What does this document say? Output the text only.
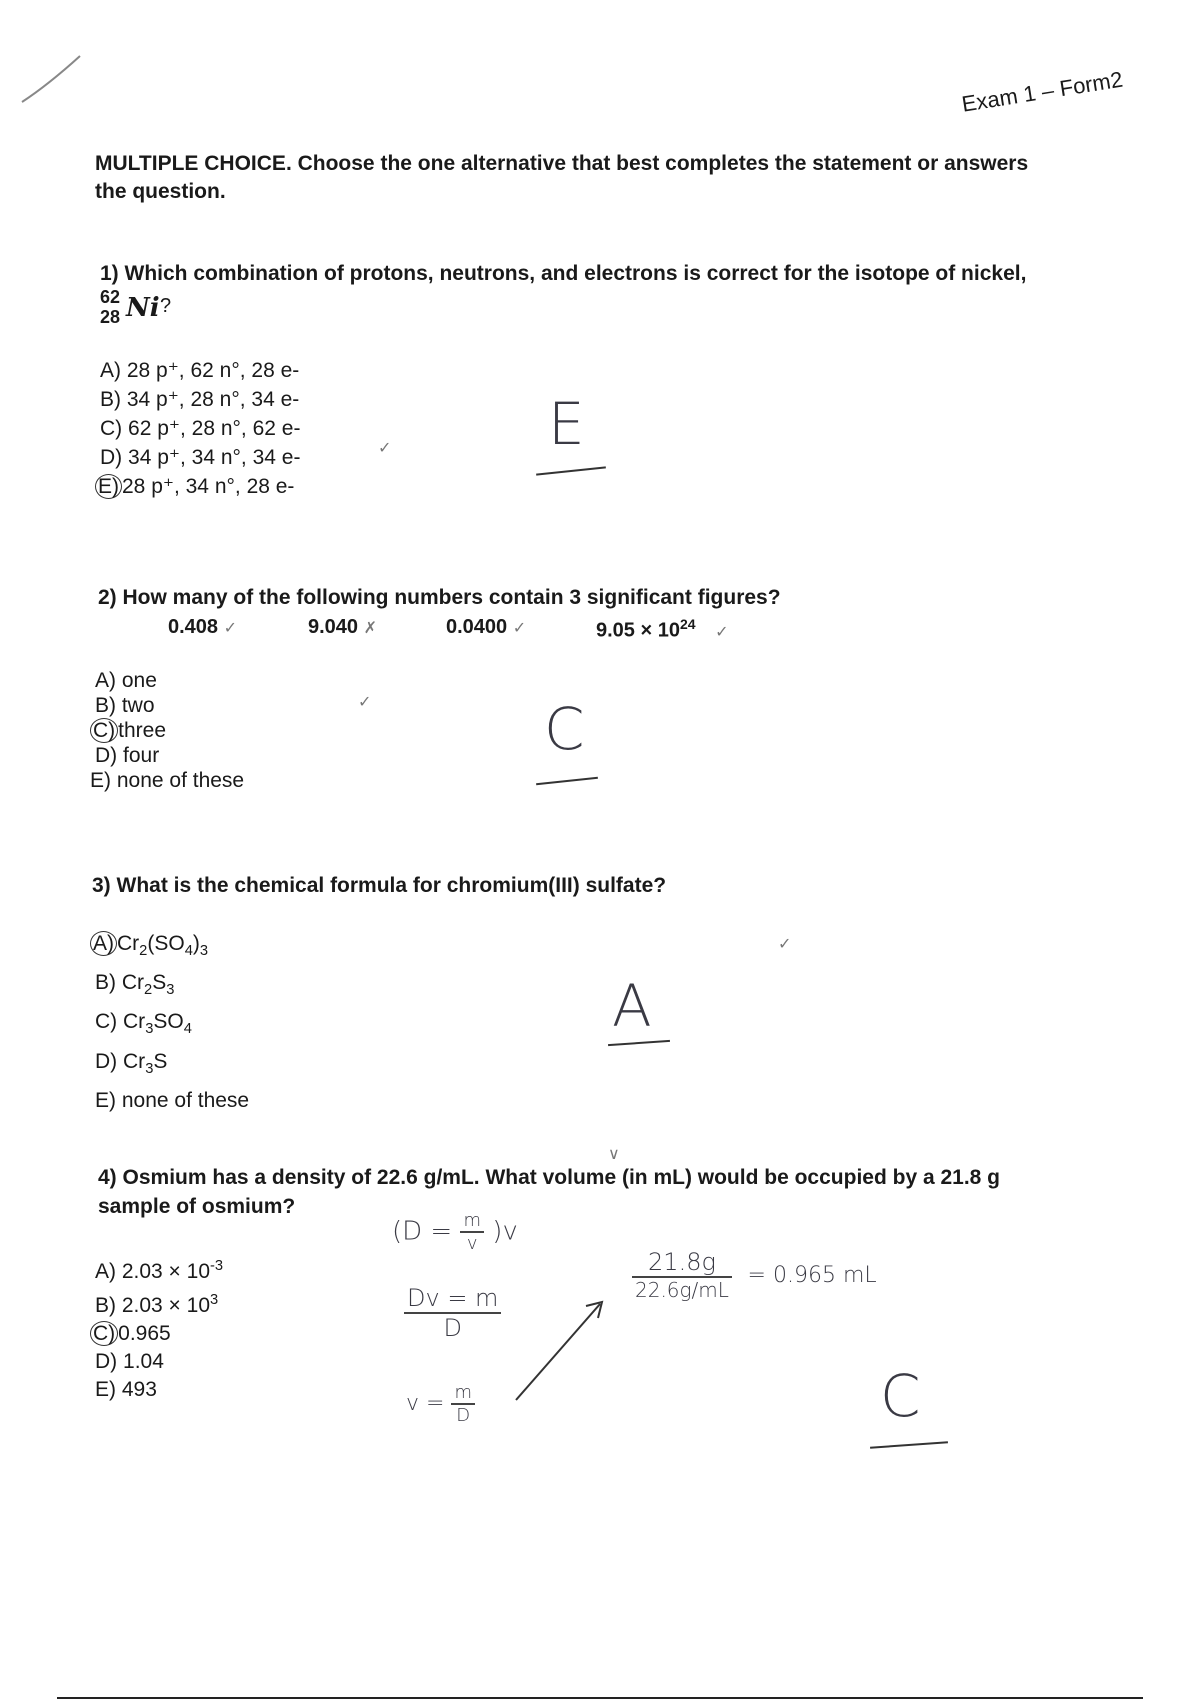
Exam 1 – Form2
MULTIPLE CHOICE. Choose the one alternative that best completes the statement or answers the question.
1) Which combination of protons, neutrons, and electrons is correct for the isotope of nickel,
62
28 Ni ?
A) 28 p⁺, 62 n°, 28 e-
B) 34 p⁺, 28 n°, 34 e-
C) 62 p⁺, 28 n°, 62 e-
D) 34 p⁺, 34 n°, 34 e-
E) 28 p⁺, 34 n°, 28 e-
✓	E
2) How many of the following numbers contain 3 significant figures?
0.408 ✓	9.040 ✗	0.0400 ✓	$9.05 \times 10^{24}$ ✓
A) one
B) two
C) three
D) four
E) none of these
✓	C
3) What is the chemical formula for chromium(III) sulfate?
A) $Cr_2(SO_4)_3$
B) $Cr_2S_3$
C) $Cr_3SO_4$
D) $Cr_3S$
E) none of these
✓
A
∨
4) Osmium has a density of 22.6 g/mL. What volume (in mL) would be occupied by a 21.8 g
sample of osmium?
A) $2.03 \times 10^{-3}$
B) $2.03 \times 10^3$
C) 0.965
D) 1.04
E) 493
$(D = \frac{m}{v} )v$
$\frac{Dv = m}{D}$
$v = \frac{m}{D}$
$\frac{21.8g}{22.6g/mL} = 0.965$ mL
C
